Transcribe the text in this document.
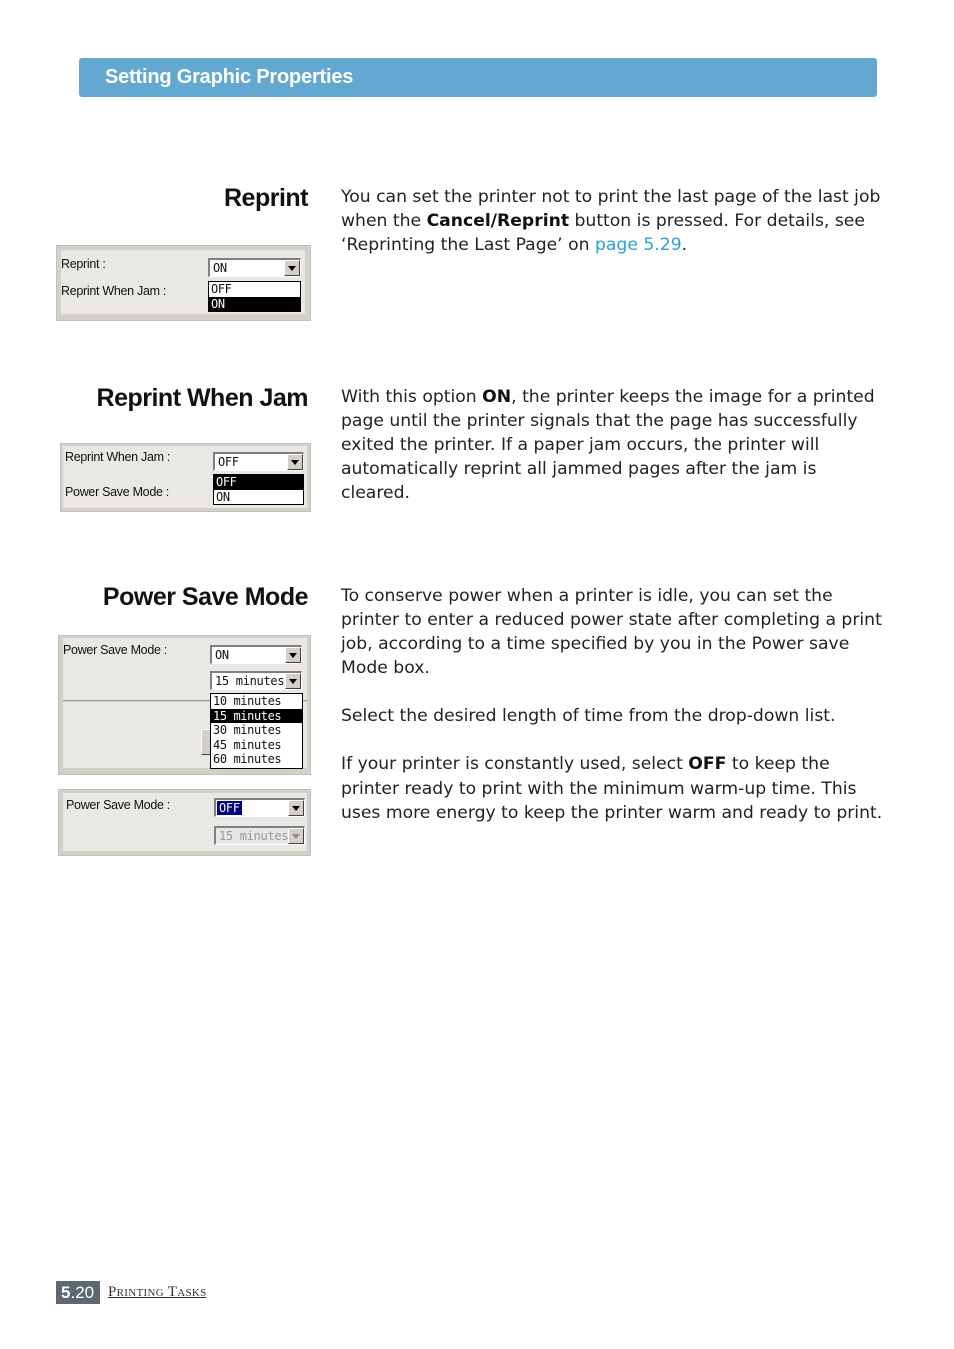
Setting Graphic Properties
Reprint You can set the printer not to print the last page of the last job when the Cancel/Reprint button is pressed. For details, see ‘Reprinting the Last Page’ on page 5.29.

Reprint :
Reprint When Jam :
ON
OFF
ON
Reprint When Jam With this option ON, the printer keeps the image for a printed page until the printer signals that the page has successfully exited the printer. If a paper jam occurs, the printer will automatically reprint all jammed pages after the jam is cleared.

Reprint When Jam :
Power Save Mode :
OFF
OFF
ON
Power Save Mode To conserve power when a printer is idle, you can set the printer to enter a reduced power state after completing a print job, according to a time specified by you in the Power save Mode box.

Select the desired length of time from the drop-down list.

If your printer is constantly used, select OFF to keep the printer ready to print with the minimum warm-up time. This uses more energy to keep the printer warm and ready to print.

Power Save Mode :	ON
15 minutes
10 minutes
15 minutes
30 minutes
45 minutes
60 minutes
Power Save Mode :	OFF
15 minutes
5.20 Printing Tasks
